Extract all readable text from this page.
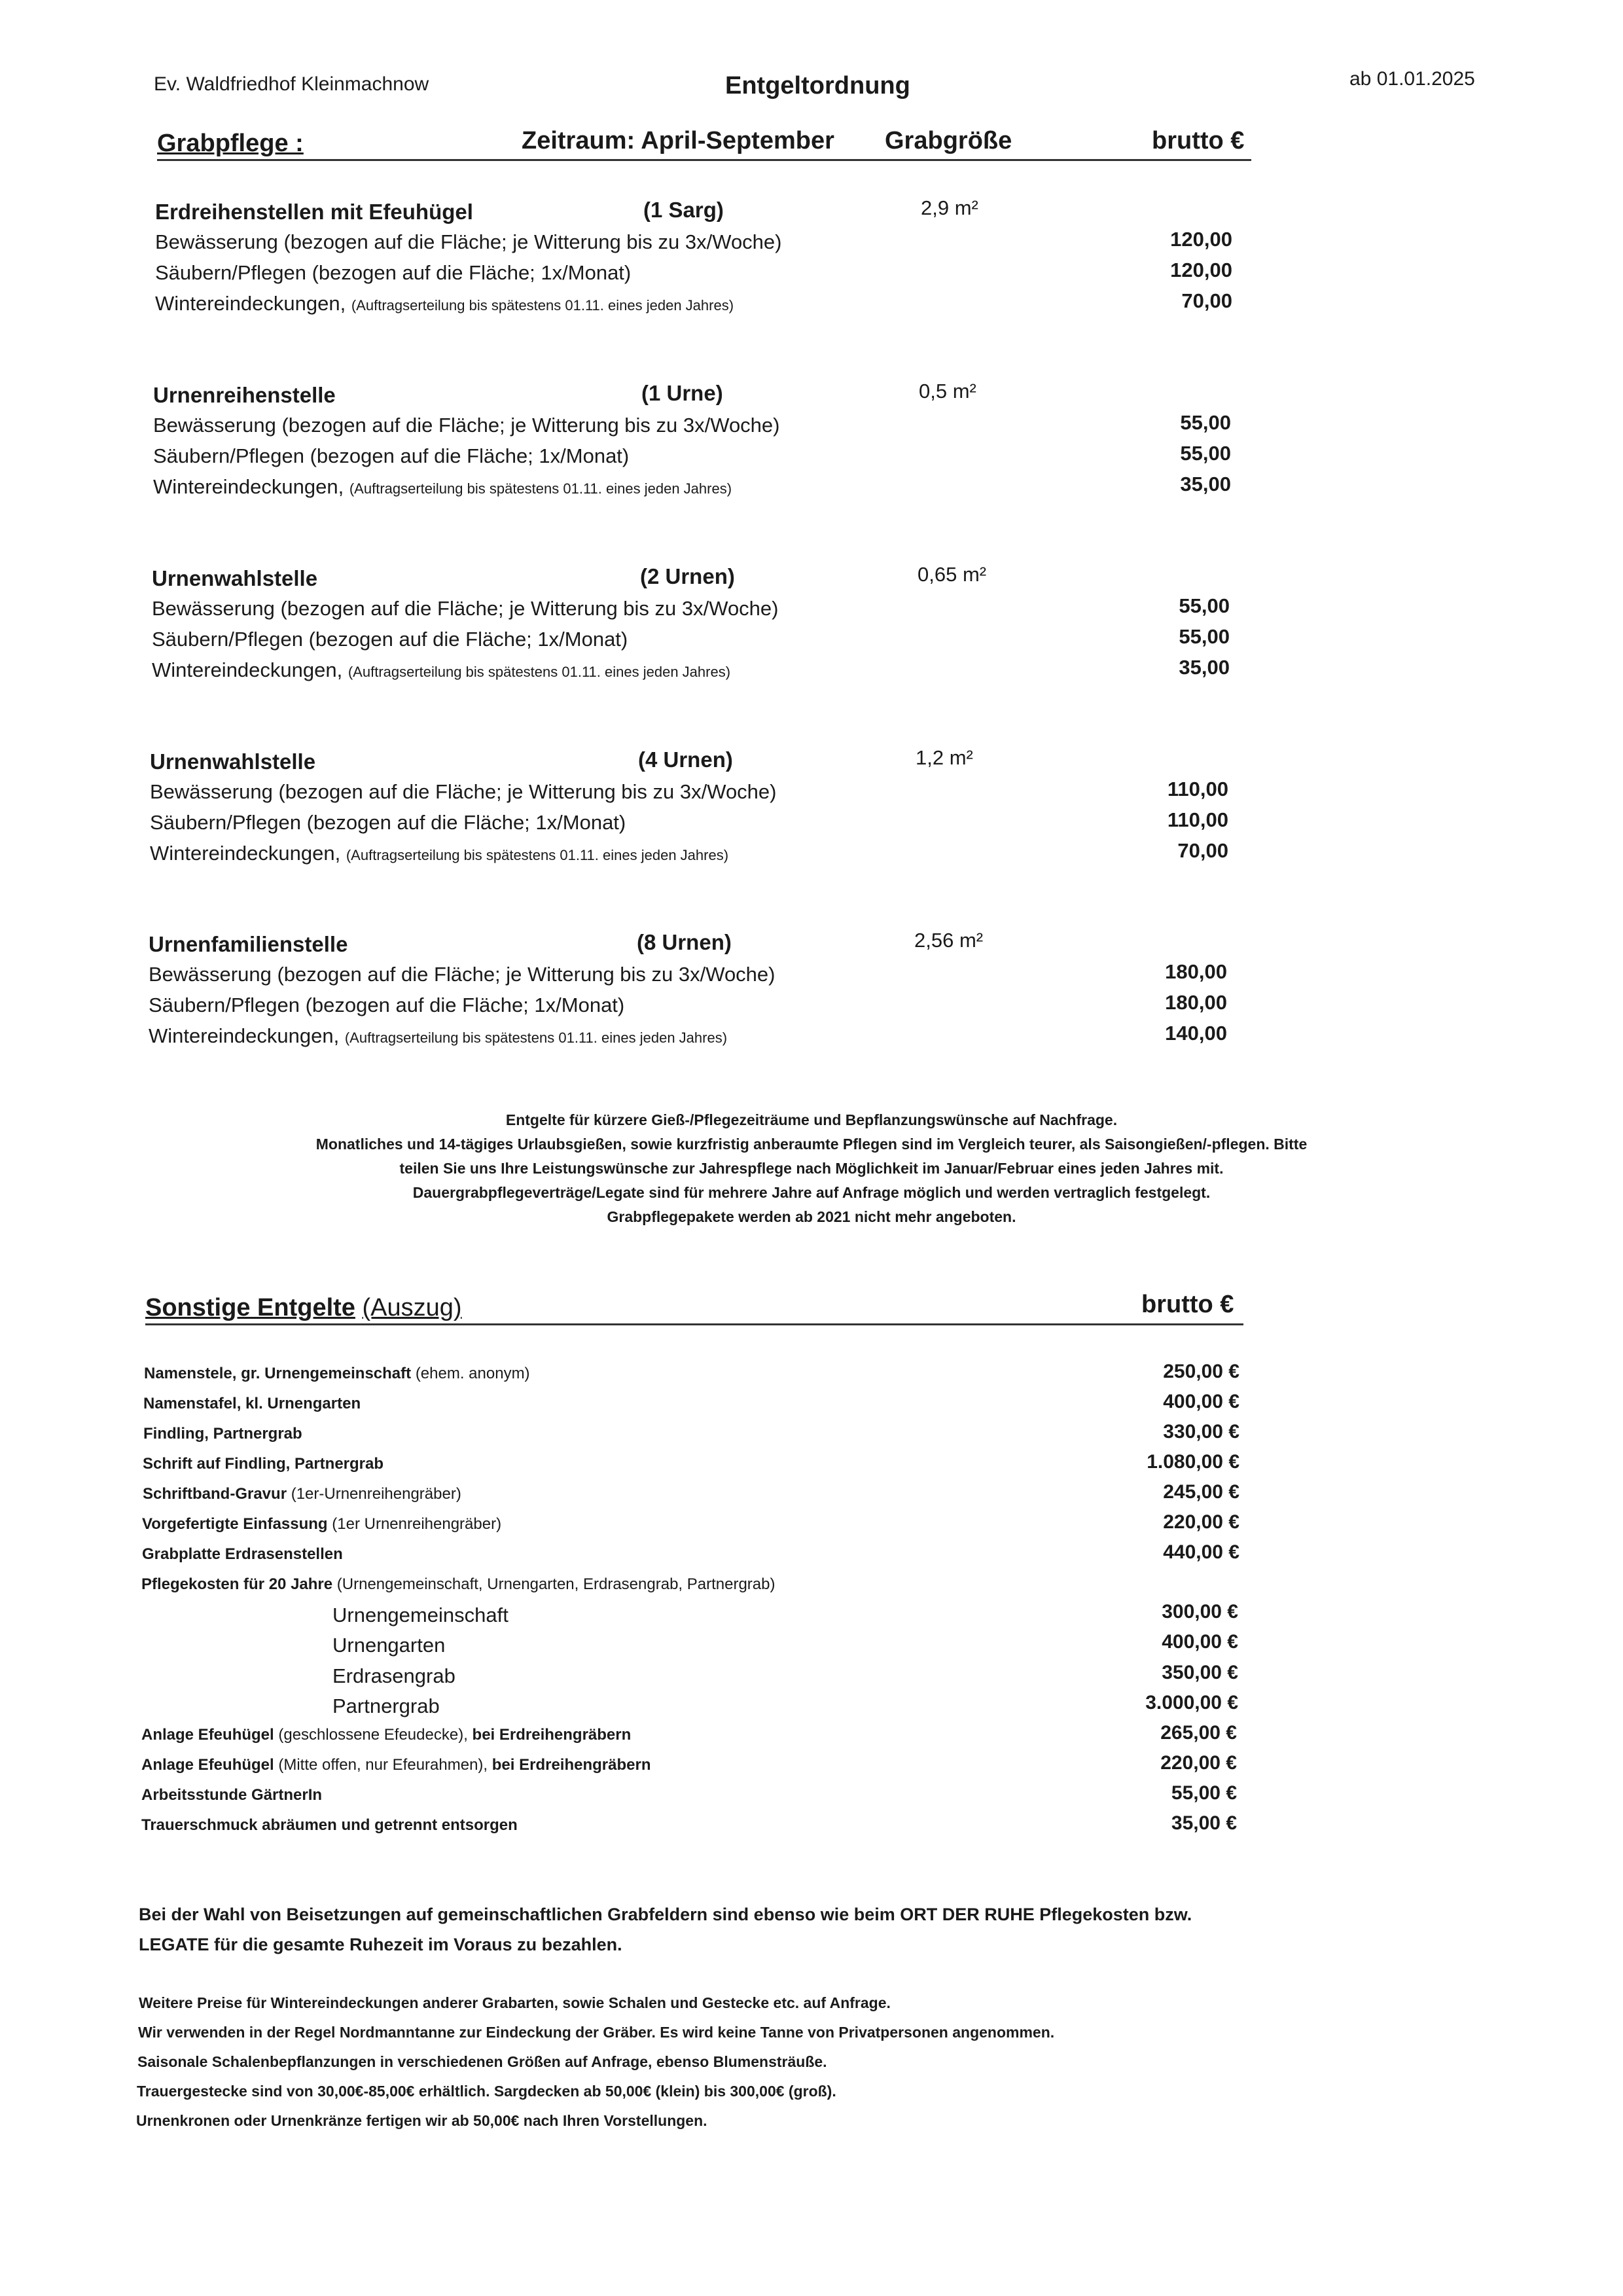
Ev. Waldfriedhof Kleinmachnow	Entgeltordnung	ab 01.01.2025
Grabpflege :	Zeitraum: April-September Grabgröße	brutto €
Erdreihenstellen mit Efeuhügel	(1 Sarg)	2,9 m²
Bewässerung (bezogen auf die Fläche; je Witterung bis zu 3x/Woche)	120,00
Säubern/Pflegen (bezogen auf die Fläche; 1x/Monat)	120,00
Wintereindeckungen, (Auftragserteilung bis spätestens 01.11. eines jeden Jahres)	70,00
Urnenreihenstelle	(1 Urne)	0,5 m²
Bewässerung (bezogen auf die Fläche; je Witterung bis zu 3x/Woche)	55,00
Säubern/Pflegen (bezogen auf die Fläche; 1x/Monat)	55,00
Wintereindeckungen, (Auftragserteilung bis spätestens 01.11. eines jeden Jahres)	35,00
Urnenwahlstelle	(2 Urnen)	0,65 m²
Bewässerung (bezogen auf die Fläche; je Witterung bis zu 3x/Woche)	55,00
Säubern/Pflegen (bezogen auf die Fläche; 1x/Monat)	55,00
Wintereindeckungen, (Auftragserteilung bis spätestens 01.11. eines jeden Jahres)	35,00
Urnenwahlstelle	(4 Urnen)	1,2 m²
Bewässerung (bezogen auf die Fläche; je Witterung bis zu 3x/Woche)	110,00
Säubern/Pflegen (bezogen auf die Fläche; 1x/Monat)	110,00
Wintereindeckungen, (Auftragserteilung bis spätestens 01.11. eines jeden Jahres)	70,00
Urnenfamilienstelle	(8 Urnen)	2,56 m²
Bewässerung (bezogen auf die Fläche; je Witterung bis zu 3x/Woche)	180,00
Säubern/Pflegen (bezogen auf die Fläche; 1x/Monat)	180,00
Wintereindeckungen, (Auftragserteilung bis spätestens 01.11. eines jeden Jahres)	140,00
Entgelte für kürzere Gieß-/Pflegezeiträume und Bepflanzungswünsche auf Nachfrage.
Monatliches und 14-tägiges Urlaubsgießen, sowie kurzfristig anberaumte Pflegen sind im Vergleich teurer, als Saisongießen/-pflegen. Bitte
teilen Sie uns Ihre Leistungswünsche zur Jahrespflege nach Möglichkeit im Januar/Februar eines jeden Jahres mit.
Dauergrabpflegeverträge/Legate sind für mehrere Jahre auf Anfrage möglich und werden vertraglich festgelegt.
Grabpflegepakete werden ab 2021 nicht mehr angeboten.
Sonstige Entgelte (Auszug)	brutto €
Namenstele, gr. Urnengemeinschaft (ehem. anonym)	250,00 €
Namenstafel, kl. Urnengarten	400,00 €
Findling, Partnergrab	330,00 €
Schrift auf Findling, Partnergrab	1.080,00 €
Schriftband-Gravur (1er-Urnenreihengräber)	245,00 €
Vorgefertigte Einfassung (1er Urnenreihengräber)	220,00 €
Grabplatte Erdrasenstellen	440,00 €
Pflegekosten für 20 Jahre (Urnengemeinschaft, Urnengarten, Erdrasengrab, Partnergrab)
Urnengemeinschaft	300,00 €
Urnengarten	400,00 €
Erdrasengrab	350,00 €
Partnergrab	3.000,00 €
Anlage Efeuhügel (geschlossene Efeudecke), bei Erdreihengräbern	265,00 €
Anlage Efeuhügel (Mitte offen, nur Efeurahmen), bei Erdreihengräbern	220,00 €
Arbeitsstunde GärtnerIn	55,00 €
Trauerschmuck abräumen und getrennt entsorgen	35,00 €
Bei der Wahl von Beisetzungen auf gemeinschaftlichen Grabfeldern sind ebenso wie beim ORT DER RUHE Pflegekosten bzw.
LEGATE für die gesamte Ruhezeit im Voraus zu bezahlen.
Weitere Preise für Wintereindeckungen anderer Grabarten, sowie Schalen und Gestecke etc. auf Anfrage.
Wir verwenden in der Regel Nordmanntanne zur Eindeckung der Gräber. Es wird keine Tanne von Privatpersonen angenommen.
Saisonale Schalenbepflanzungen in verschiedenen Größen auf Anfrage, ebenso Blumensträuße.
Trauergestecke sind von 30,00€-85,00€ erhältlich. Sargdecken ab 50,00€ (klein) bis 300,00€ (groß).
Urnenkronen oder Urnenkränze fertigen wir ab 50,00€ nach Ihren Vorstellungen.
